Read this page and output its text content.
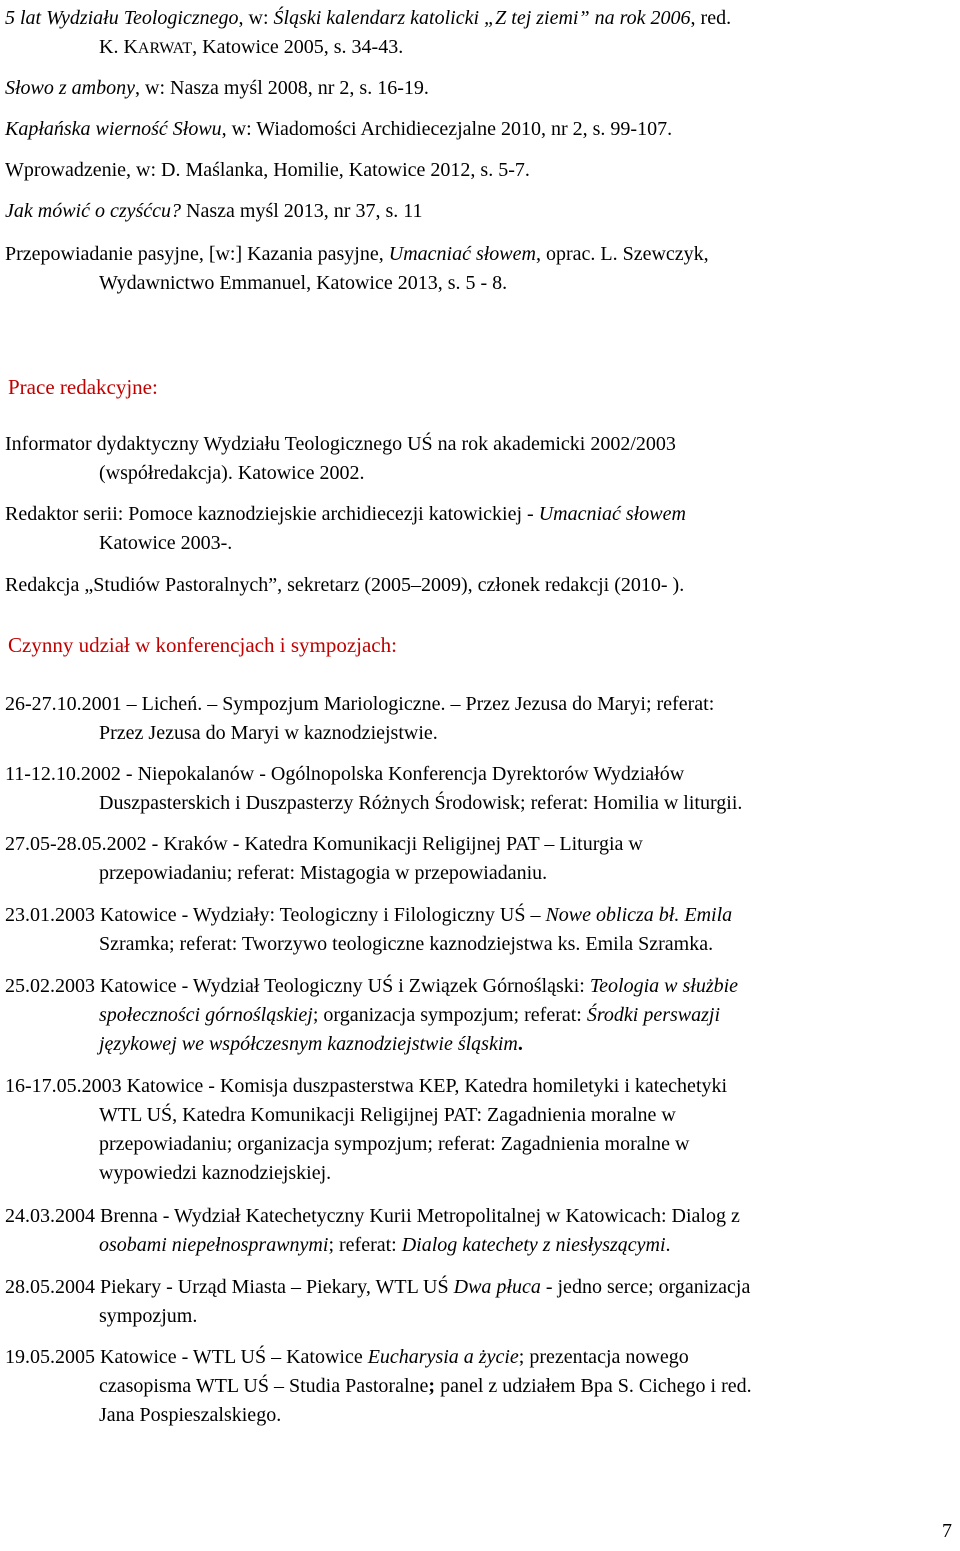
5 lat Wydziału Teologicznego, w: Śląski kalendarz katolicki „Z tej ziemi” na rok 2006, red.
K. KARWAT, Katowice 2005, s. 34-43.
Słowo z ambony, w: Nasza myśl 2008, nr 2, s. 16-19.
Kapłańska wierność Słowu, w: Wiadomości Archidiecezjalne 2010, nr 2, s. 99-107.
Wprowadzenie, w: D. Maślanka, Homilie, Katowice 2012, s. 5-7.
Jak mówić o czyśćcu? Nasza myśl 2013, nr 37, s. 11
Przepowiadanie pasyjne, [w:] Kazania pasyjne, Umacniać słowem, oprac. L. Szewczyk,
Wydawnictwo Emmanuel, Katowice 2013, s. 5 - 8.
Prace redakcyjne:
Informator dydaktyczny Wydziału Teologicznego UŚ na rok akademicki 2002/2003
(współredakcja). Katowice 2002.
Redaktor serii: Pomoce kaznodziejskie archidiecezji katowickiej - Umacniać słowem
Katowice 2003-.
Redakcja „Studiów Pastoralnych”, sekretarz (2005–2009), członek redakcji (2010- ).
Czynny udział w konferencjach i sympozjach:
26-27.10.2001 – Licheń. – Sympozjum Mariologiczne. – Przez Jezusa do Maryi; referat:
Przez Jezusa do Maryi w kaznodziejstwie.
11-12.10.2002 - Niepokalanów - Ogólnopolska Konferencja Dyrektorów Wydziałów
Duszpasterskich i Duszpasterzy Różnych Środowisk; referat: Homilia w liturgii.
27.05-28.05.2002 - Kraków - Katedra Komunikacji Religijnej PAT – Liturgia w
przepowiadaniu; referat: Mistagogia w przepowiadaniu.
23.01.2003 Katowice - Wydziały: Teologiczny i Filologiczny UŚ – Nowe oblicza bł. Emila
Szramka; referat: Tworzywo teologiczne kaznodziejstwa ks. Emila Szramka.
25.02.2003 Katowice - Wydział Teologiczny UŚ i Związek Górnośląski: Teologia w służbie
społeczności górnośląskiej; organizacja sympozjum; referat: Środki perswazji
językowej we współczesnym kaznodziejstwie śląskim.
16-17.05.2003 Katowice - Komisja duszpasterstwa KEP, Katedra homiletyki i katechetyki
WTL UŚ, Katedra Komunikacji Religijnej PAT: Zagadnienia moralne w
przepowiadaniu; organizacja sympozjum; referat: Zagadnienia moralne w
wypowiedzi kaznodziejskiej.
24.03.2004 Brenna - Wydział Katechetyczny Kurii Metropolitalnej w Katowicach: Dialog z
osobami niepełnosprawnymi; referat: Dialog katechety z niesłyszącymi.
28.05.2004 Piekary - Urząd Miasta – Piekary, WTL UŚ Dwa płuca - jedno serce; organizacja
sympozjum.
19.05.2005 Katowice - WTL UŚ – Katowice Eucharysia a życie; prezentacja nowego
czasopisma WTL UŚ – Studia Pastoralne; panel z udziałem Bpa S. Cichego i red.
Jana Pospieszalskiego.
7
